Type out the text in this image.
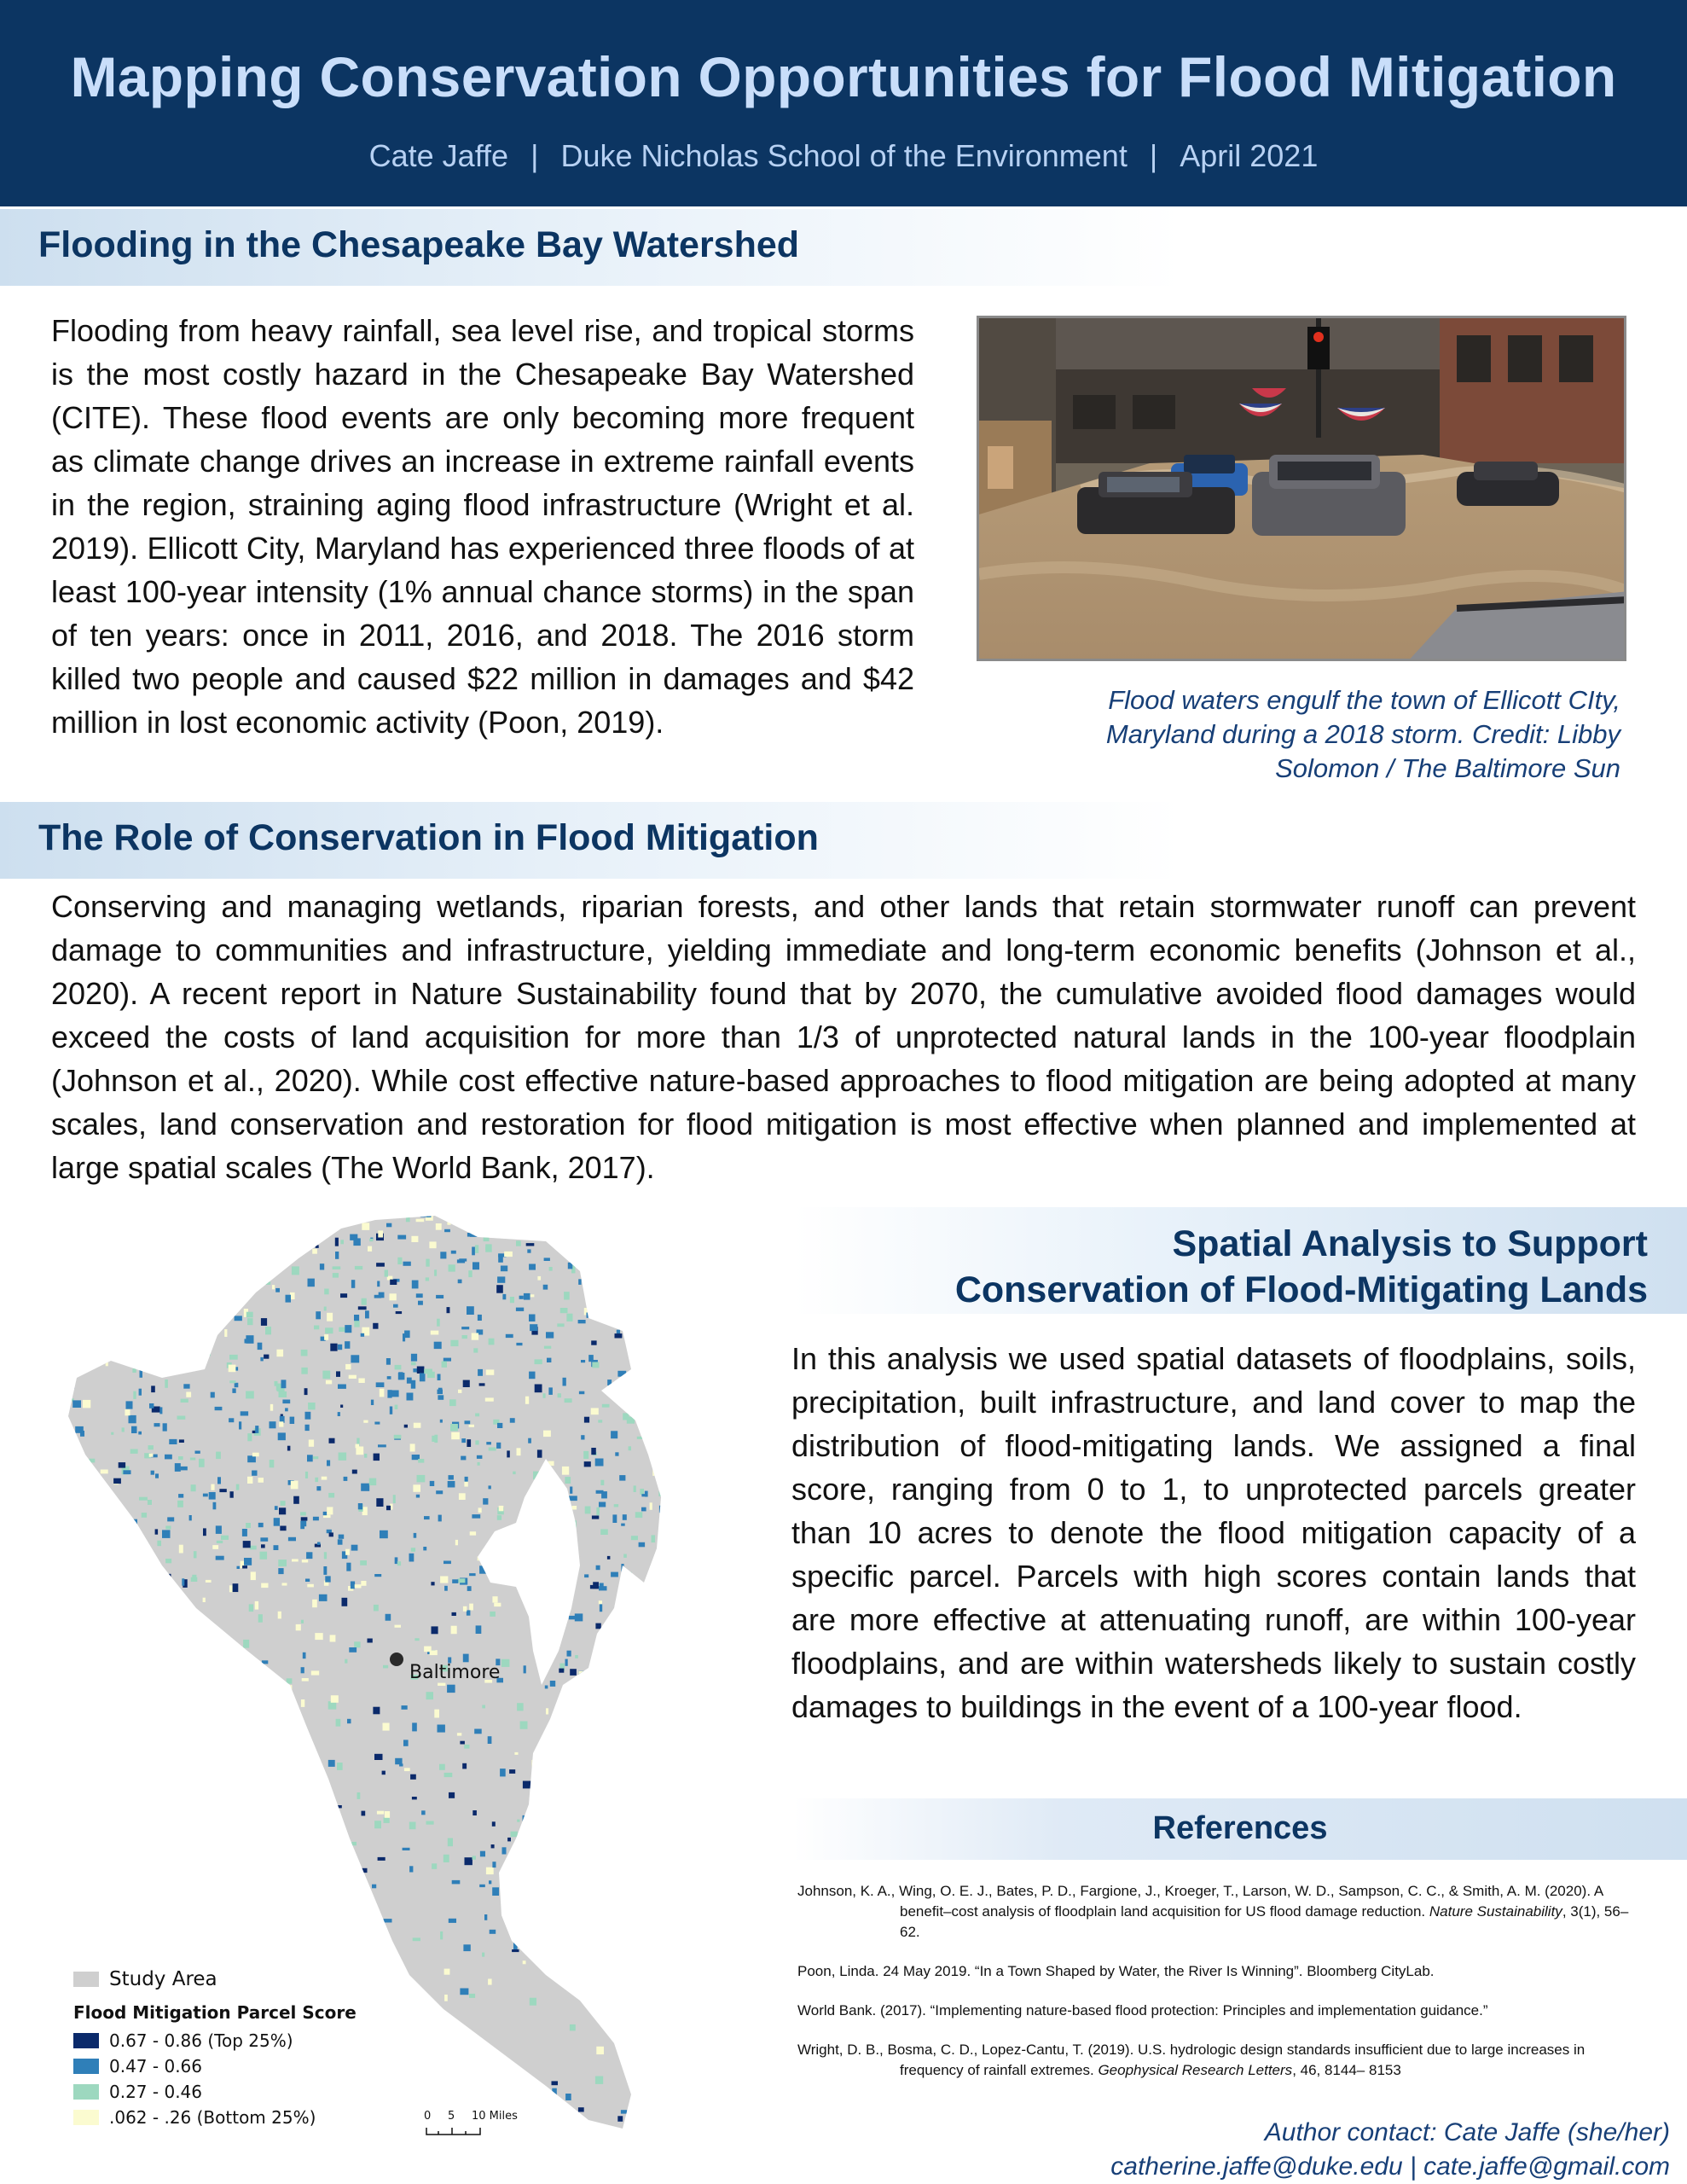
Mapping Conservation Opportunities for Flood Mitigation
Cate Jaffe | Duke Nicholas School of the Environment | April 2021
Flooding in the Chesapeake Bay Watershed

Flooding from heavy rainfall, sea level rise, and tropical storms is the most costly hazard in the Chesapeake Bay Watershed (CITE). These flood events are only becoming more frequent as climate change drives an increase in extreme rainfall events in the region, straining aging flood infrastructure (Wright et al. 2019). Ellicott City, Maryland has experienced three floods of at least 100-year intensity (1% annual chance storms) in the span of ten years: once in 2011, 2016, and 2018. The 2016 storm killed two people and caused $22 million in damages and $42 million in lost economic activity (Poon, 2019).

Flood waters engulf the town of Ellicott CIty, Maryland during a 2018 storm. Credit: Libby Solomon / The Baltimore Sun

The Role of Conservation in Flood Mitigation

Conserving and managing wetlands, riparian forests, and other lands that retain stormwater runoff can prevent damage to communities and infrastructure, yielding immediate and long-term economic benefits (Johnson et al., 2020). A recent report in Nature Sustainability found that by 2070, the cumulative avoided flood damages would exceed the costs of land acquisition for more than 1/3 of unprotected natural lands in the 100-year floodplain (Johnson et al., 2020). While cost effective nature-based approaches to flood mitigation are being adopted at many scales, land conservation and restoration for flood mitigation is most effective when planned and implemented at large spatial scales (The World Bank, 2017).

Baltimore
Study Area
Flood Mitigation Parcel Score
0.67 - 0.86 (Top 25%)
0.47 - 0.66
0.27 - 0.46
.062 - .26 (Bottom 25%)	0 5 10 Miles
Spatial Analysis to Support
Conservation of Flood-Mitigating Lands

In this analysis we used spatial datasets of floodplains, soils, precipitation, built infrastructure, and land cover to map the distribution of flood-mitigating lands. We assigned a final score, ranging from 0 to 1, to unprotected parcels greater than 10 acres to denote the flood mitigation capacity of a specific parcel. Parcels with high scores contain lands that are more effective at attenuating runoff, are within 100-year floodplains, and are within watersheds likely to sustain costly damages to buildings in the event of a 100-year flood.

References

Johnson, K. A., Wing, O. E. J., Bates, P. D., Fargione, J., Kroeger, T., Larson, W. D., Sampson, C. C., & Smith, A. M. (2020). A benefit–cost analysis of floodplain land acquisition for US flood damage reduction. Nature Sustainability, 3(1), 56–62.

Poon, Linda. 24 May 2019. “In a Town Shaped by Water, the River Is Winning”. Bloomberg CityLab.

World Bank. (2017). “Implementing nature-based flood protection: Principles and implementation guidance.”

Wright, D. B., Bosma, C. D., Lopez-Cantu, T. (2019). U.S. hydrologic design standards insufficient due to large increases in frequency of rainfall extremes. Geophysical Research Letters, 46, 8144– 8153

Author contact: Cate Jaffe (she/her)
catherine.jaffe@duke.edu | cate.jaffe@gmail.com
